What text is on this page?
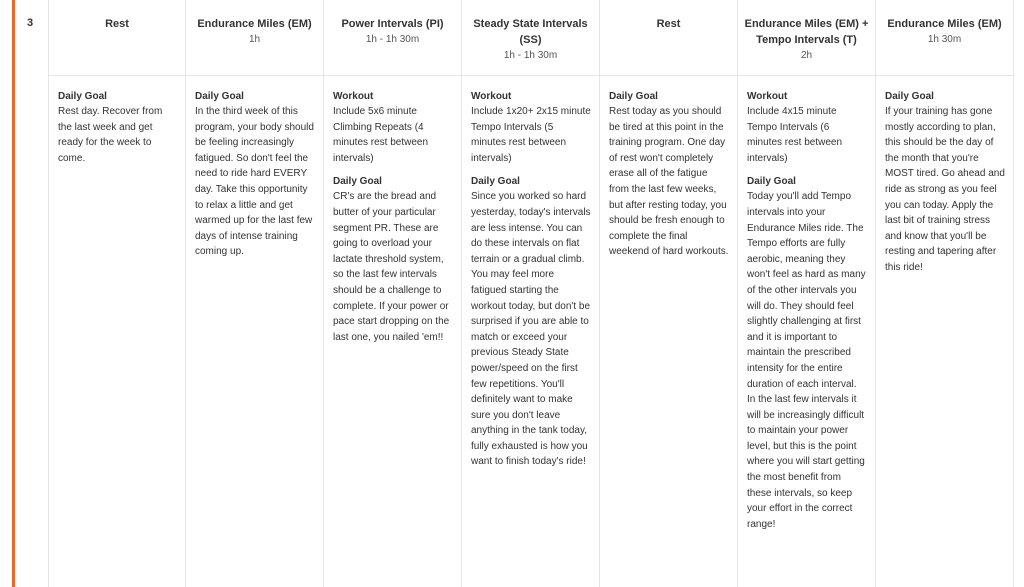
3	Rest
Daily Goal
Rest day. Recover from the last week and get ready for the week to come.
Endurance Miles (EM)
1h
Daily Goal
In the third week of this program, your body should be feeling increasingly fatigued. So don't feel the need to ride hard EVERY day. Take this opportunity to relax a little and get warmed up for the last few days of intense training coming up.
Power Intervals (PI)
1h - 1h 30m
Workout
Include 5x6 minute Climbing Repeats (4 minutes rest between intervals)
Daily Goal
CR's are the bread and butter of your particular segment PR. These are going to overload your lactate threshold system, so the last few intervals should be a challenge to complete. If your power or pace start dropping on the last one, you nailed 'em!!
Steady State Intervals (SS)
1h - 1h 30m
Workout
Include 1x20+ 2x15 minute Tempo Intervals (5 minutes rest between intervals)
Daily Goal
Since you worked so hard yesterday, today's intervals are less intense. You can do these intervals on flat terrain or a gradual climb. You may feel more fatigued starting the workout today, but don't be surprised if you are able to match or exceed your previous Steady State power/speed on the first few repetitions. You'll definitely want to make sure you don't leave anything in the tank today, fully exhausted is how you want to finish today's ride!
Rest
Daily Goal
Rest today as you should be tired at this point in the training program. One day of rest won't completely erase all of the fatigue from the last few weeks, but after resting today, you should be fresh enough to complete the final weekend of hard workouts.
Endurance Miles (EM) + Tempo Intervals (T)
2h
Workout
Include 4x15 minute Tempo Intervals (6 minutes rest between intervals)
Daily Goal
Today you'll add Tempo intervals into your Endurance Miles ride. The Tempo efforts are fully aerobic, meaning they won't feel as hard as many of the other intervals you will do. They should feel slightly challenging at first and it is important to maintain the prescribed intensity for the entire duration of each interval. In the last few intervals it will be increasingly difficult to maintain your power level, but this is the point where you will start getting the most benefit from these intervals, so keep your effort in the correct range!
Endurance Miles (EM)
1h 30m
Daily Goal
If your training has gone mostly according to plan, this should be the day of the month that you're MOST tired. Go ahead and ride as strong as you feel you can today. Apply the last bit of training stress and know that you'll be resting and tapering after this ride!
